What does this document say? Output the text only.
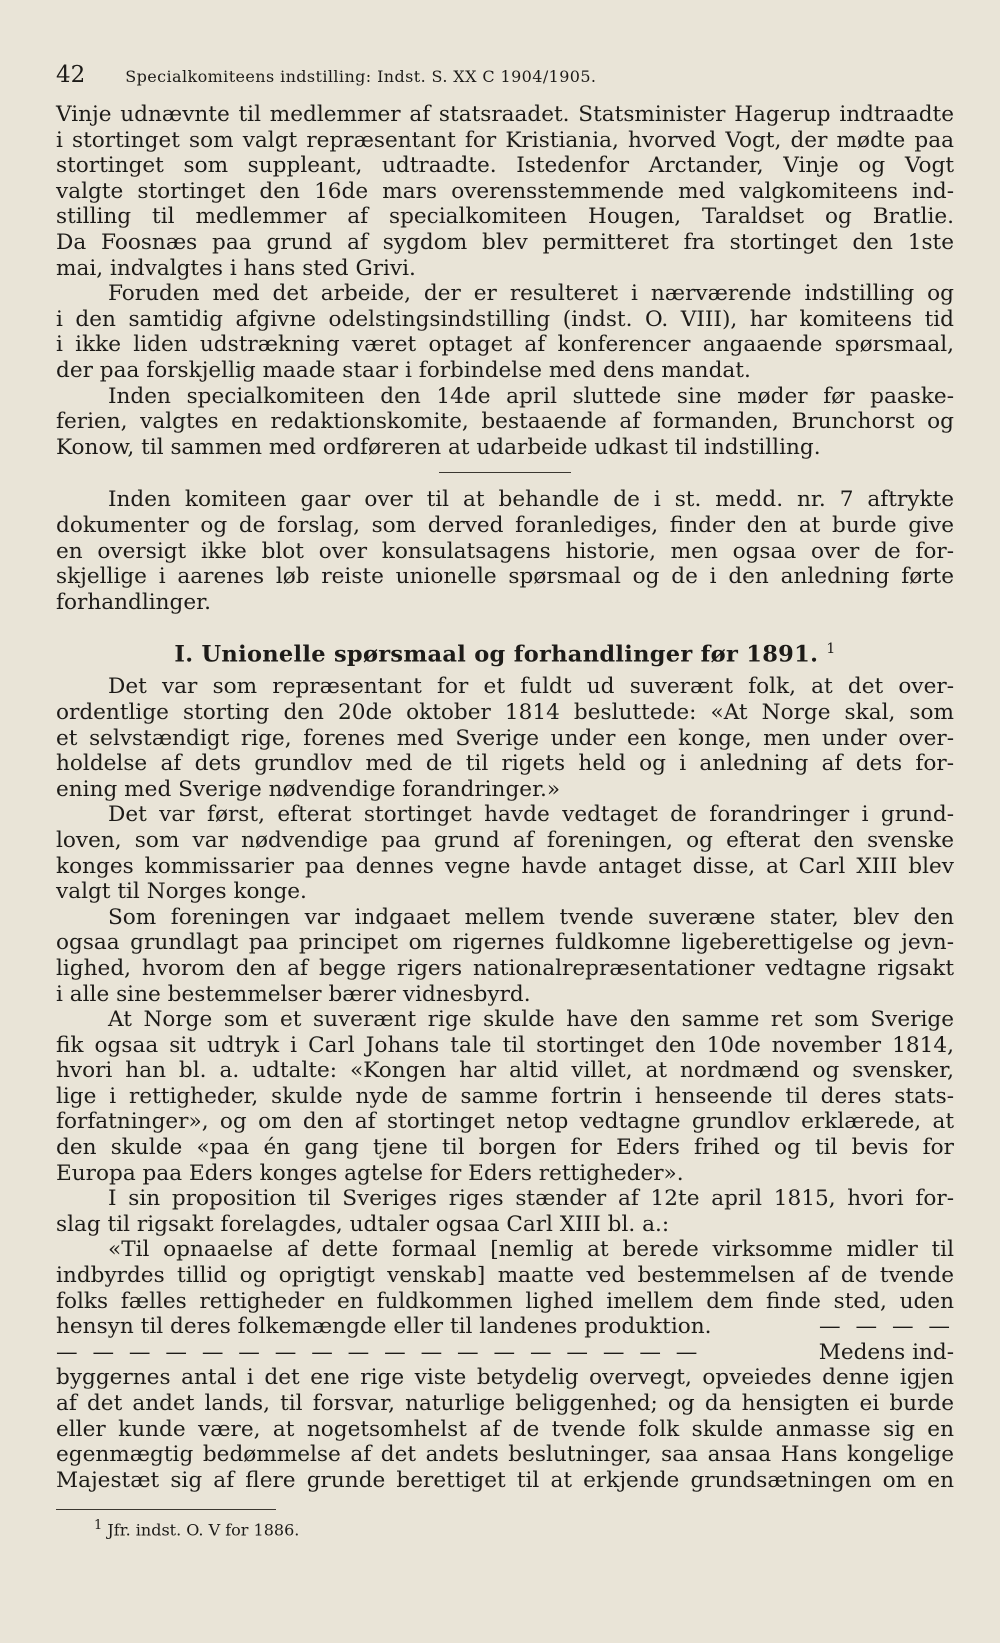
42	Specialkomiteens indstilling: Indst. S. XX C 1904/1905.

Vinje udnævnte til medlemmer af statsraadet. Statsminister Hagerup indtraadte
i stortinget som valgt repræsentant for Kristiania, hvorved Vogt, der mødte paa
stortinget som suppleant, udtraadte. Istedenfor Arctander, Vinje og Vogt
valgte stortinget den 16de mars overensstemmende med valgkomiteens ind-
stilling til medlemmer af specialkomiteen Hougen, Taraldset og Bratlie.
Da Foosnæs paa grund af sygdom blev permitteret fra stortinget den 1ste
mai, indvalgtes i hans sted Grivi.

Foruden med det arbeide, der er resulteret i nærværende indstilling og
i den samtidig afgivne odelstingsindstilling (indst. O. VIII), har komiteens tid
i ikke liden udstrækning været optaget af konferencer angaaende spørsmaal,
der paa forskjellig maade staar i forbindelse med dens mandat.

Inden specialkomiteen den 14de april sluttede sine møder før paaske-
ferien, valgtes en redaktionskomite, bestaaende af formanden, Brunchorst og
Konow, til sammen med ordføreren at udarbeide udkast til indstilling.

Inden komiteen gaar over til at behandle de i st. medd. nr. 7 aftrykte
dokumenter og de forslag, som derved foranlediges, finder den at burde give
en oversigt ikke blot over konsulatsagens historie, men ogsaa over de for-
skjellige i aarenes løb reiste unionelle spørsmaal og de i den anledning førte
forhandlinger.

I. Unionelle spørsmaal og forhandlinger før 1891. $^1$

Det var som repræsentant for et fuldt ud suverænt folk, at det over-
ordentlige storting den 20de oktober 1814 besluttede: «At Norge skal, som
et selvstændigt rige, forenes med Sverige under een konge, men under over-
holdelse af dets grundlov med de til rigets held og i anledning af dets for-
ening med Sverige nødvendige forandringer.»

Det var først, efterat stortinget havde vedtaget de forandringer i grund-
loven, som var nødvendige paa grund af foreningen, og efterat den svenske
konges kommissarier paa dennes vegne havde antaget disse, at Carl XIII blev
valgt til Norges konge.

Som foreningen var indgaaet mellem tvende suveræne stater, blev den
ogsaa grundlagt paa principet om rigernes fuldkomne ligeberettigelse og jevn-
lighed, hvorom den af begge rigers nationalrepræsentationer vedtagne rigsakt
i alle sine bestemmelser bærer vidnesbyrd.

At Norge som et suverænt rige skulde have den samme ret som Sverige
fik ogsaa sit udtryk i Carl Johans tale til stortinget den 10de november 1814,
hvori han bl. a. udtalte: «Kongen har altid villet, at nordmænd og svensker,
lige i rettigheder, skulde nyde de samme fortrin i henseende til deres stats-
forfatninger», og om den af stortinget netop vedtagne grundlov erklærede, at
den skulde «paa én gang tjene til borgen for Eders frihed og til bevis for
Europa paa Eders konges agtelse for Eders rettigheder».

I sin proposition til Sveriges riges stænder af 12te april 1815, hvori for-
slag til rigsakt forelagdes, udtaler ogsaa Carl XIII bl. a.:

«Til opnaaelse af dette formaal [nemlig at berede virksomme midler til
indbyrdes tillid og oprigtigt venskab] maatte ved bestemmelsen af de tvende
folks fælles rettigheder en fuldkommen lighed imellem dem finde sted, uden
hensyn til deres folkemængde eller til landenes produktion.	— — — —

— — — — — — — — — — — — — — — — — —	Medens ind-
byggernes antal i det ene rige viste betydelig overvegt, opveiedes denne igjen
af det andet lands, til forsvar, naturlige beliggenhed; og da hensigten ei burde
eller kunde være, at nogetsomhelst af de tvende folk skulde anmasse sig en
egenmægtig bedømmelse af det andets beslutninger, saa ansaa Hans kongelige
Majestæt sig af flere grunde berettiget til at erkjende grundsætningen om en

$^1$ Jfr. indst. O. V for 1886.
